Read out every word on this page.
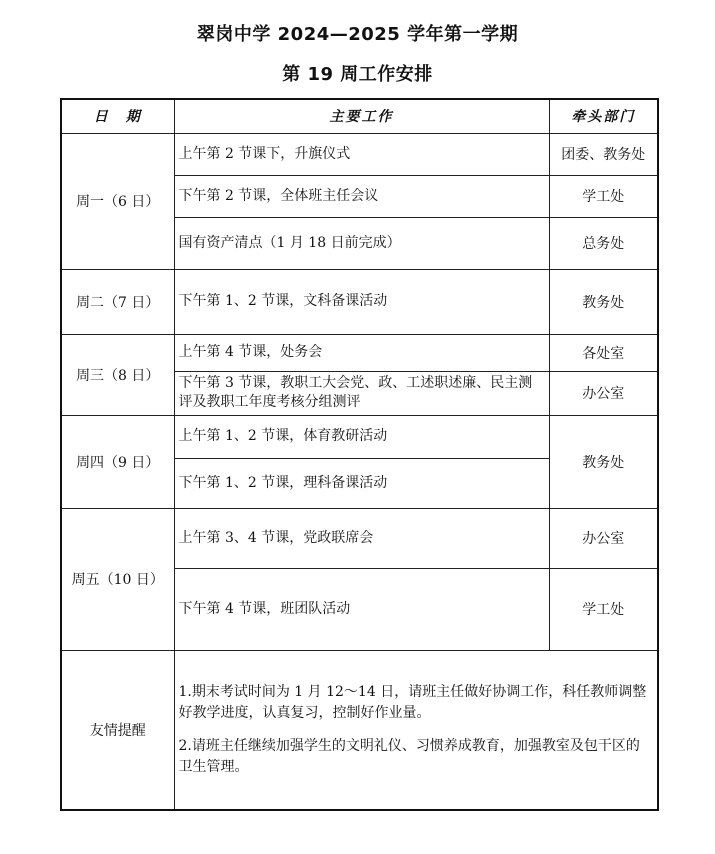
翠岗中学 2024—2025 学年第一学期
第 19 周工作安排
日　期	主要工作	牵头部门
周一（6 日）	上午第 2 节课下，升旗仪式	团委、教务处
	下午第 2 节课，全体班主任会议	学工处
	国有资产清点（1 月 18 日前完成）	总务处
周二（7 日）	下午第 1、2 节课，文科备课活动	教务处
周三（8 日）	上午第 4 节课，处务会	各处室
	下午第 3 节课，教职工大会党、政、工述职述廉、民主测评及教职工年度考核分组测评	办公室
周四（9 日）	上午第 1、2 节课，体育教研活动	教务处
	下午第 1、2 节课，理科备课活动	
周五（10 日）	上午第 3、4 节课，党政联席会	办公室
	下午第 4 节课，班团队活动	学工处
友情提醒	1.期末考试时间为 1 月 12～14 日，请班主任做好协调工作，科任教师调整好教学进度，认真复习，控制好作业量。

2.请班主任继续加强学生的文明礼仪、习惯养成教育，加强教室及包干区的卫生管理。	
